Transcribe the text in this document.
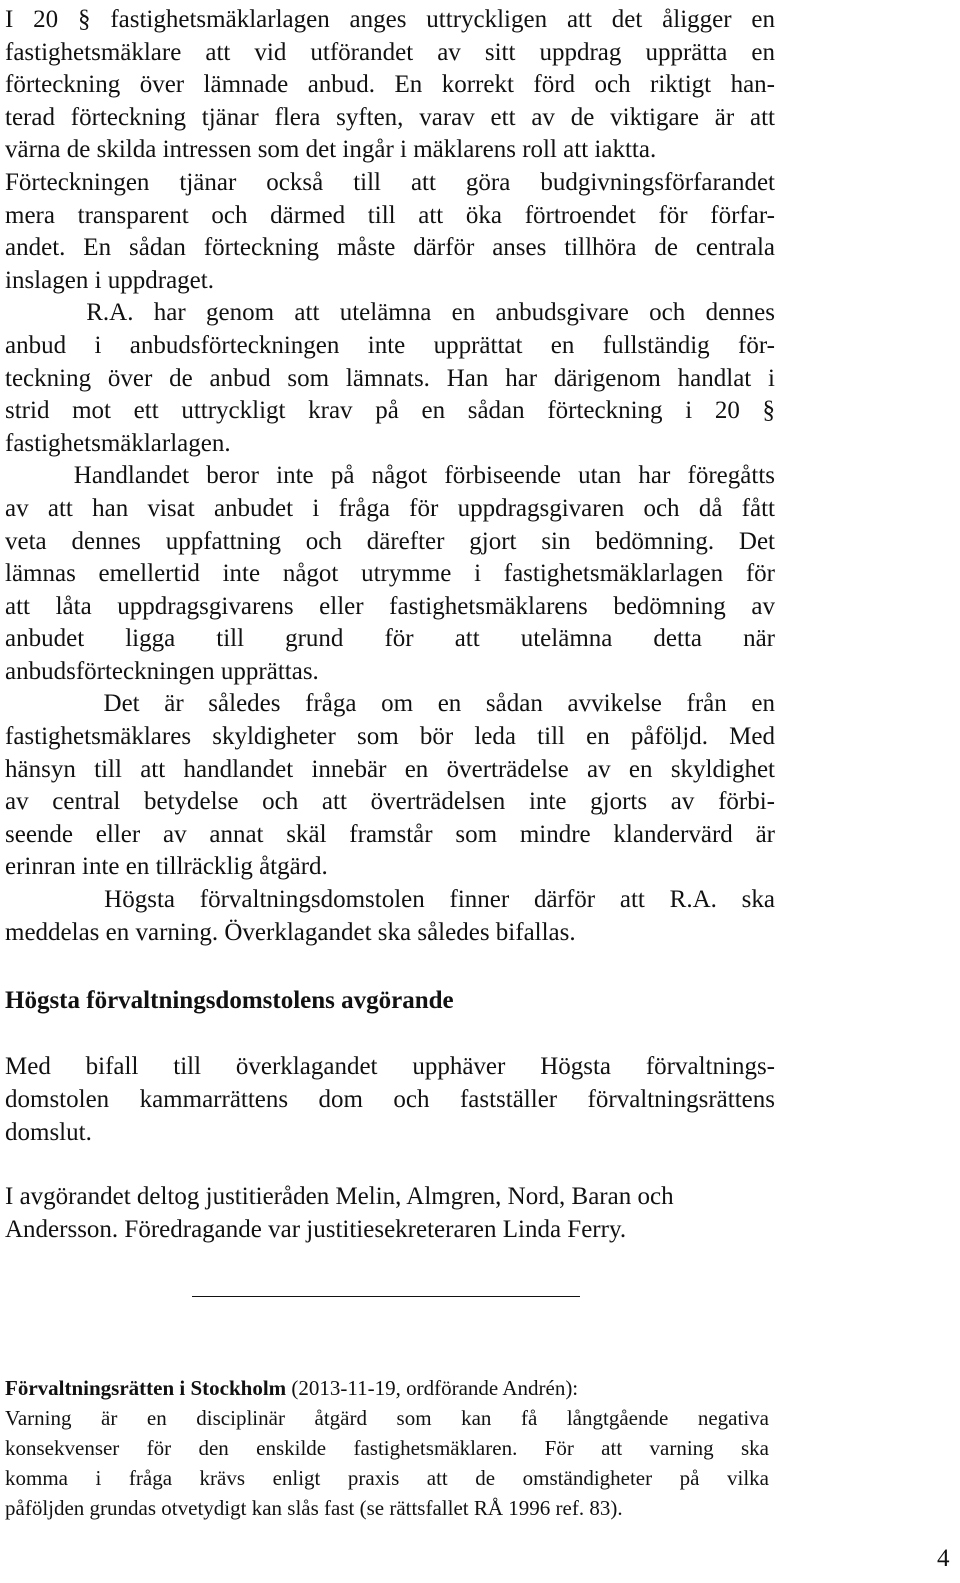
I 20 § fastighetsmäklarlagen anges uttryckligen att det åligger en
fastighetsmäklare att vid utförandet av sitt uppdrag upprätta en
förteckning över lämnade anbud. En korrekt förd och riktigt han-
terad förteckning tjänar flera syften, varav ett av de viktigare är att
värna de skilda intressen som det ingår i mäklarens roll att iaktta.
Förteckningen tjänar också till att göra budgivningsförfarandet
mera transparent och därmed till att öka förtroendet för förfar-
andet. En sådan förteckning måste därför anses tillhöra de centrala
inslagen i uppdraget.
R.A. har genom att utelämna en anbudsgivare och dennes
anbud i anbudsförteckningen inte upprättat en fullständig för-
teckning över de anbud som lämnats. Han har därigenom handlat i
strid mot ett uttryckligt krav på en sådan förteckning i 20 §
fastighetsmäklarlagen.
Handlandet beror inte på något förbiseende utan har föregåtts
av att han visat anbudet i fråga för uppdragsgivaren och då fått
veta dennes uppfattning och därefter gjort sin bedömning. Det
lämnas emellertid inte något utrymme i fastighetsmäklarlagen för
att låta uppdragsgivarens eller fastighetsmäklarens bedömning av
anbudet ligga till grund för att utelämna detta när
anbudsförteckningen upprättas.
Det är således fråga om en sådan avvikelse från en
fastighetsmäklares skyldigheter som bör leda till en påföljd. Med
hänsyn till att handlandet innebär en överträdelse av en skyldighet
av central betydelse och att överträdelsen inte gjorts av förbi-
seende eller av annat skäl framstår som mindre klandervärd är
erinran inte en tillräcklig åtgärd.
Högsta förvaltningsdomstolen finner därför att R.A. ska
meddelas en varning. Överklagandet ska således bifallas.
Högsta förvaltningsdomstolens avgörande
Med bifall till överklagandet upphäver Högsta förvaltnings-
domstolen kammarrättens dom och fastställer förvaltningsrättens
domslut.
I avgörandet deltog justitieråden Melin, Almgren, Nord, Baran och
Andersson. Föredragande var justitiesekreteraren Linda Ferry.
Förvaltningsrätten i Stockholm (2013-11-19, ordförande Andrén):
Varning är en disciplinär åtgärd som kan få långtgående negativa
konsekvenser för den enskilde fastighetsmäklaren. För att varning ska
komma i fråga krävs enligt praxis att de omständigheter på vilka
påföljden grundas otvetydigt kan slås fast (se rättsfallet RÅ 1996 ref. 83).
4
